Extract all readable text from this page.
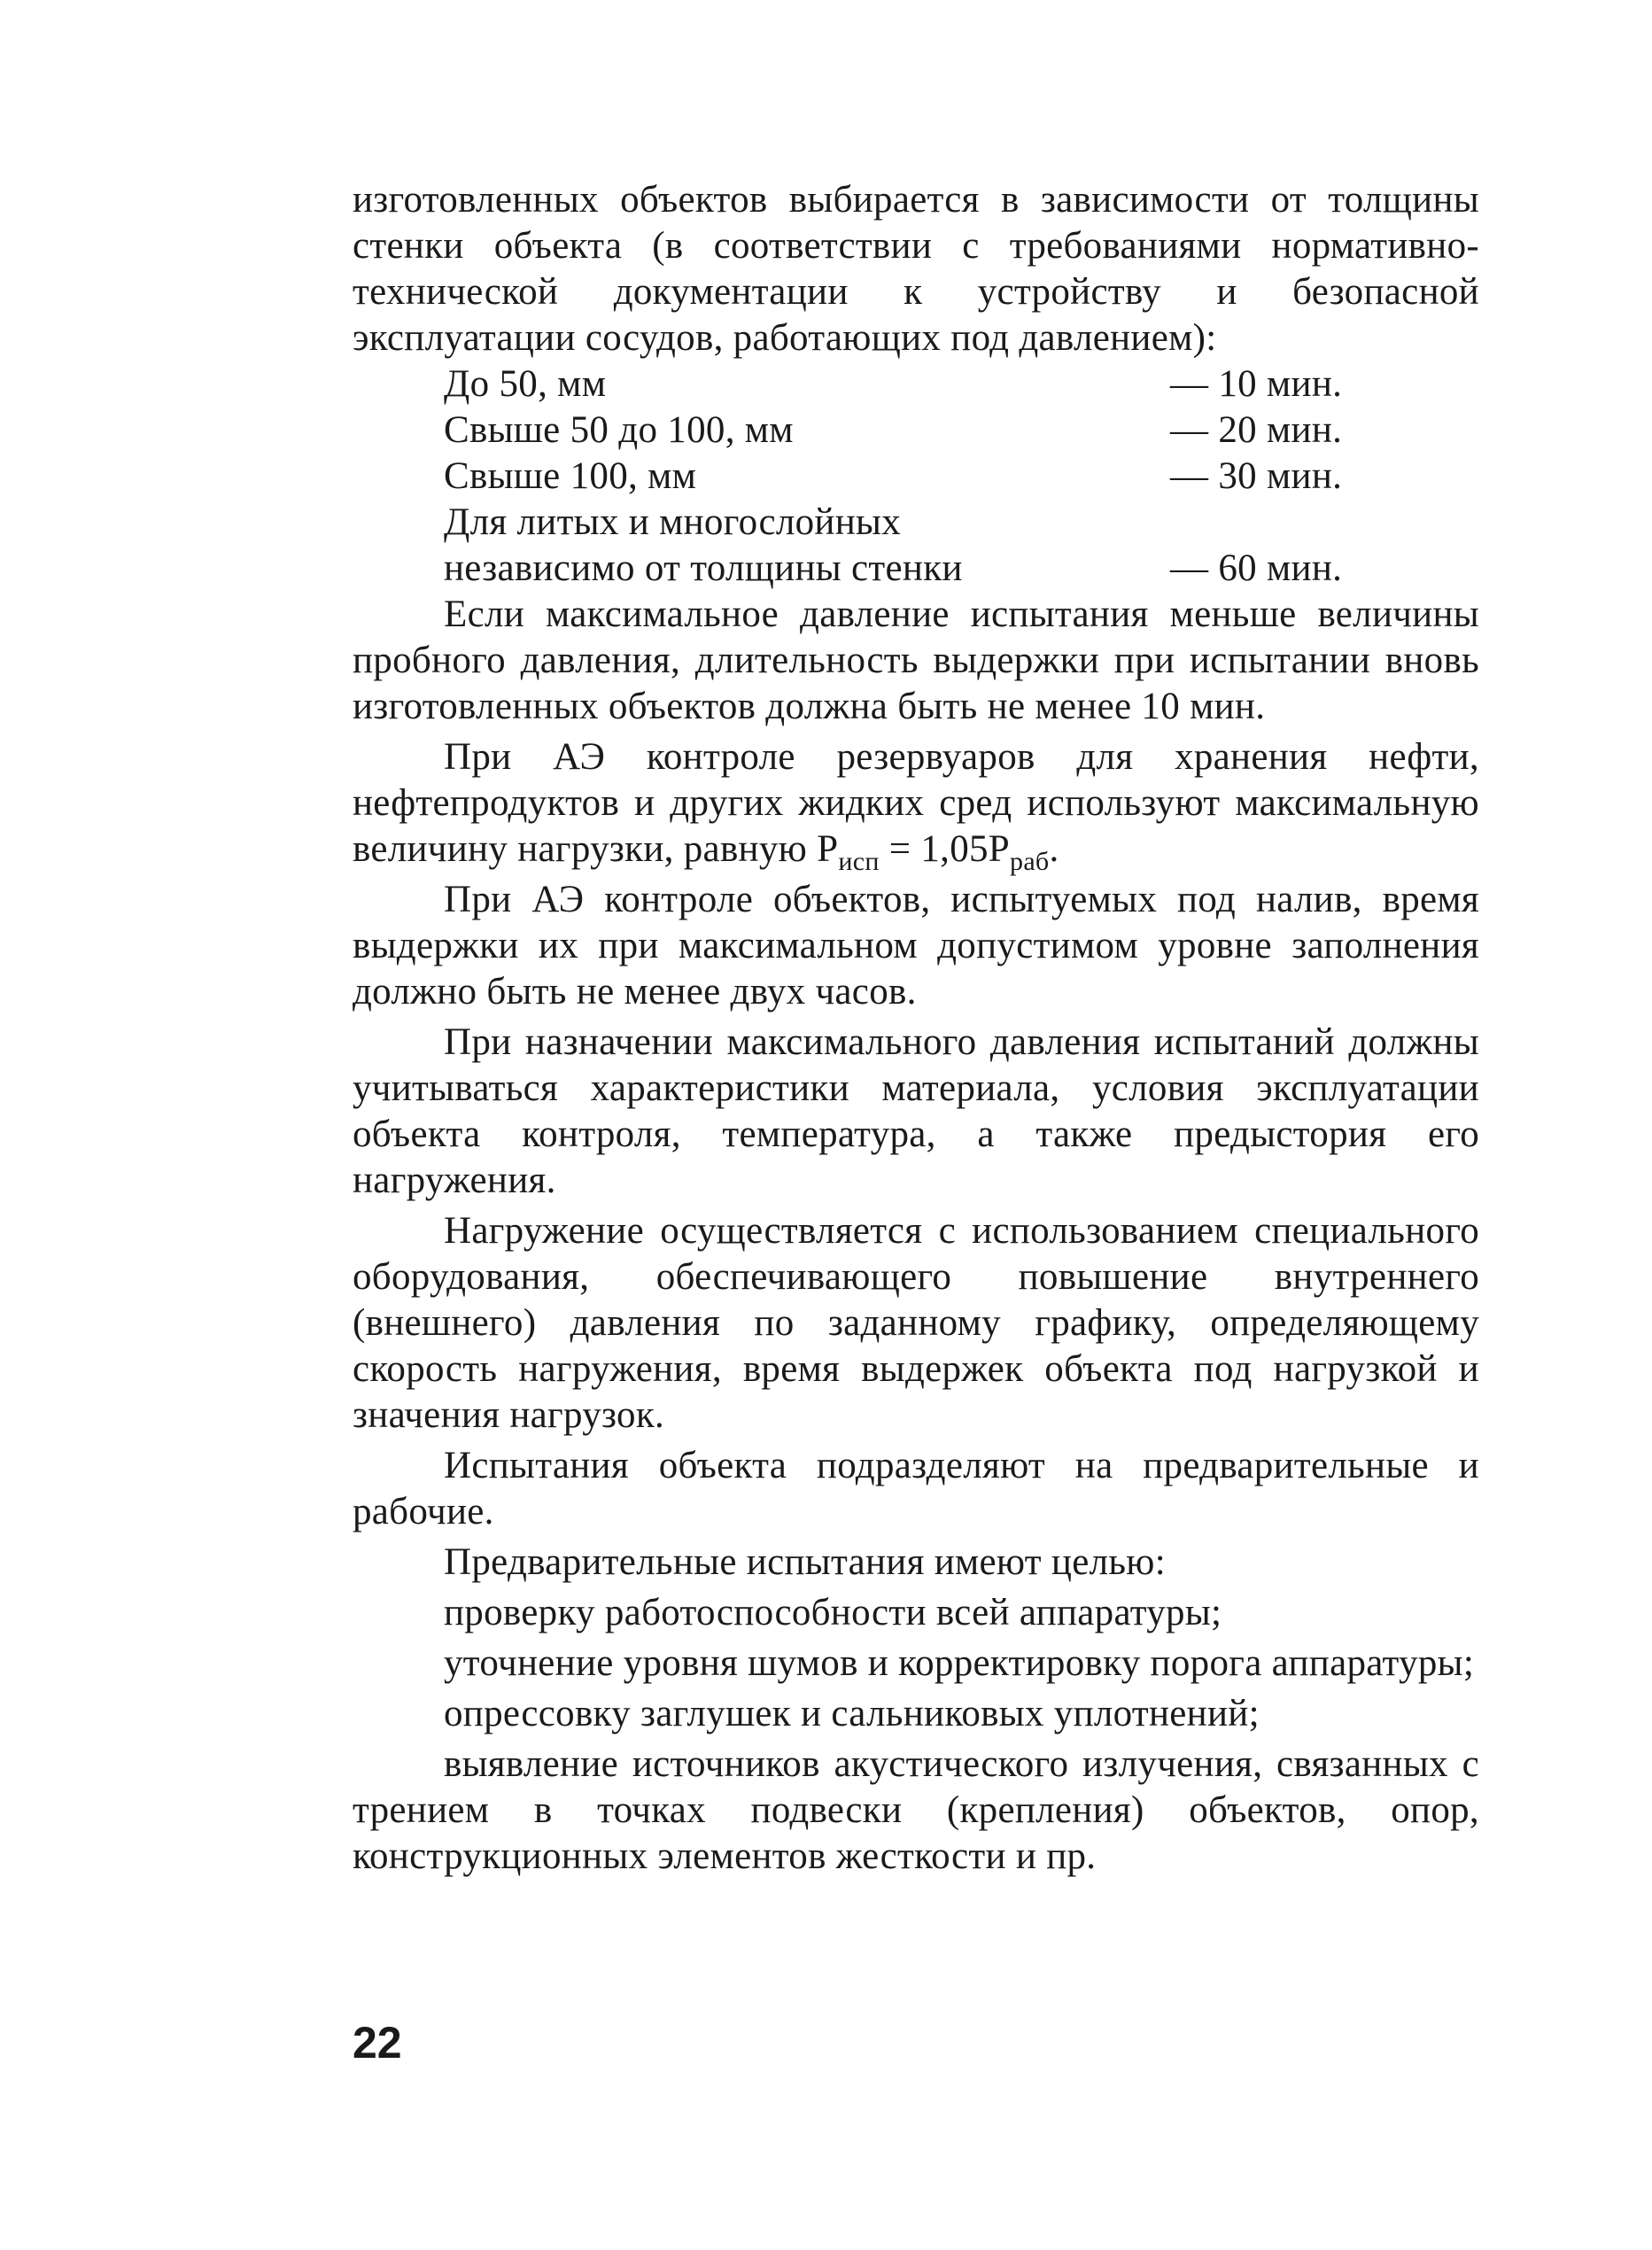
изготовленных объектов выбирается в зависимости от толщины стенки объекта (в соответствии с требованиями нормативно-технической документации к устройству и безопасной эксплуатации сосудов, работающих под давлением):

До 50, мм	— 10 мин.
Свыше 50 до 100, мм	— 20 мин.
Свыше 100, мм	— 30 мин.
Для литых и многослойных	
независимо от толщины стенки	— 60 мин.

Если максимальное давление испытания меньше величины пробного давления, длительность выдержки при испытании вновь изготовленных объектов должна быть не менее 10 мин.

При АЭ контроле резервуаров для хранения нефти, нефтепродуктов и других жидких сред используют максимальную величину нагрузки, равную $P_{исп} = 1,05P_{раб}$.

При АЭ контроле объектов, испытуемых под налив, время выдержки их при максимальном допустимом уровне заполнения должно быть не менее двух часов.

При назначении максимального давления испытаний должны учитываться характеристики материала, условия эксплуатации объекта контроля, температура, а также предыстория его нагружения.

Нагружение осуществляется с использованием специального оборудования, обеспечивающего повышение внутреннего (внешнего) давления по заданному графику, определяющему скорость нагружения, время выдержек объекта под нагрузкой и значения нагрузок.

Испытания объекта подразделяют на предварительные и рабочие.

Предварительные испытания имеют целью:

проверку работоспособности всей аппаратуры;

уточнение уровня шумов и корректировку порога аппаратуры;

опрессовку заглушек и сальниковых уплотнений;

выявление источников акустического излучения, связанных с трением в точках подвески (крепления) объектов, опор, конструкционных элементов жесткости и пр.

22
